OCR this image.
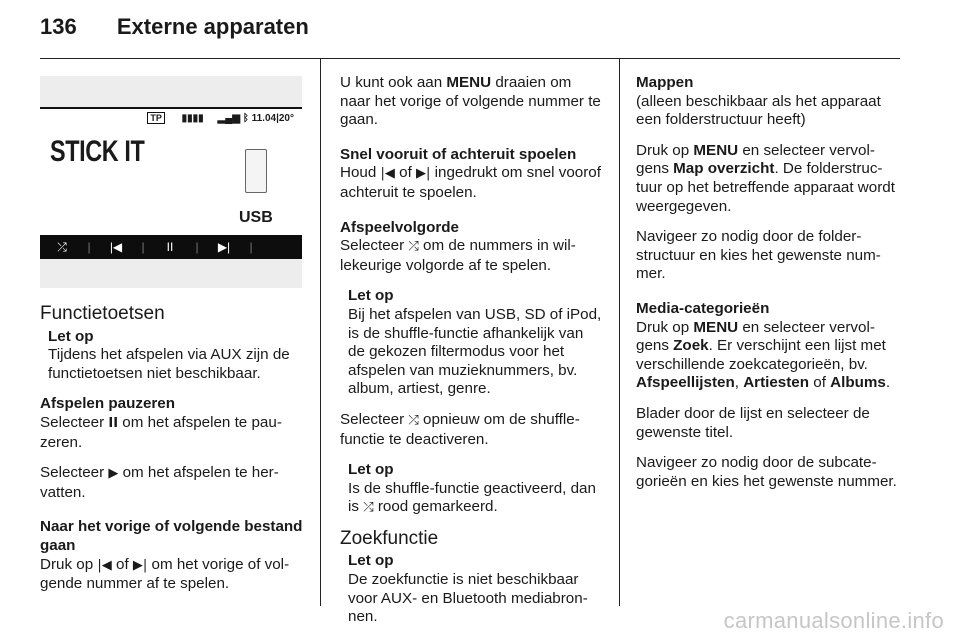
136 Externe apparaten
TP ▮▮▮▮ ▂▄▆ ᛒ 11.04|20°
STICK IT
USB
⤮	|	|◀	|	II	|	▶|	|
Functietoetsen
Let op
Tijdens het afspelen via AUX zijn de functietoetsen niet beschikbaar.

Afspelen pauzeren

Selecteer II om het afspelen te pauzeren.

Selecteer ▶ om het afspelen te hervatten.

Naar het vorige of volgende bestand gaan

Druk op |◀ of ▶| om het vorige of volgende nummer af te spelen.

U kunt ook aan MENU draaien om naar het vorige of volgende nummer te gaan.

Snel vooruit of achteruit spoelen

Houd |◀ of ▶| ingedrukt om snel voorof achteruit te spoelen.

Afspeelvolgorde

Selecteer ⤮ om de nummers in willekeurige volgorde af te spelen.

Let op
Bij het afspelen van USB, SD of iPod, is de shuffle-functie afhankelijk van de gekozen filtermodus voor het afspelen van muzieknummers, bv. album, artiest, genre.

Selecteer ⤮ opnieuw om de shufflefunctie te deactiveren.

Let op
Is de shuffle-functie geactiveerd, dan is ⤮ rood gemarkeerd.
Zoekfunctie
Let op
De zoekfunctie is niet beschikbaar voor AUX- en Bluetooth mediabronnen.

Mappen

(alleen beschikbaar als het apparaat een folderstructuur heeft)

Druk op MENU en selecteer vervolgens Map overzicht. De folderstructuur op het betreffende apparaat wordt weergegeven.

Navigeer zo nodig door de folderstructuur en kies het gewenste nummer.

Media-categorieën

Druk op MENU en selecteer vervolgens Zoek. Er verschijnt een lijst met verschillende zoekcategorieën, bv. Afspeellijsten, Artiesten of Albums.

Blader door de lijst en selecteer de gewenste titel.

Navigeer zo nodig door de subcategorieën en kies het gewenste nummer.

carmanualsonline.info
